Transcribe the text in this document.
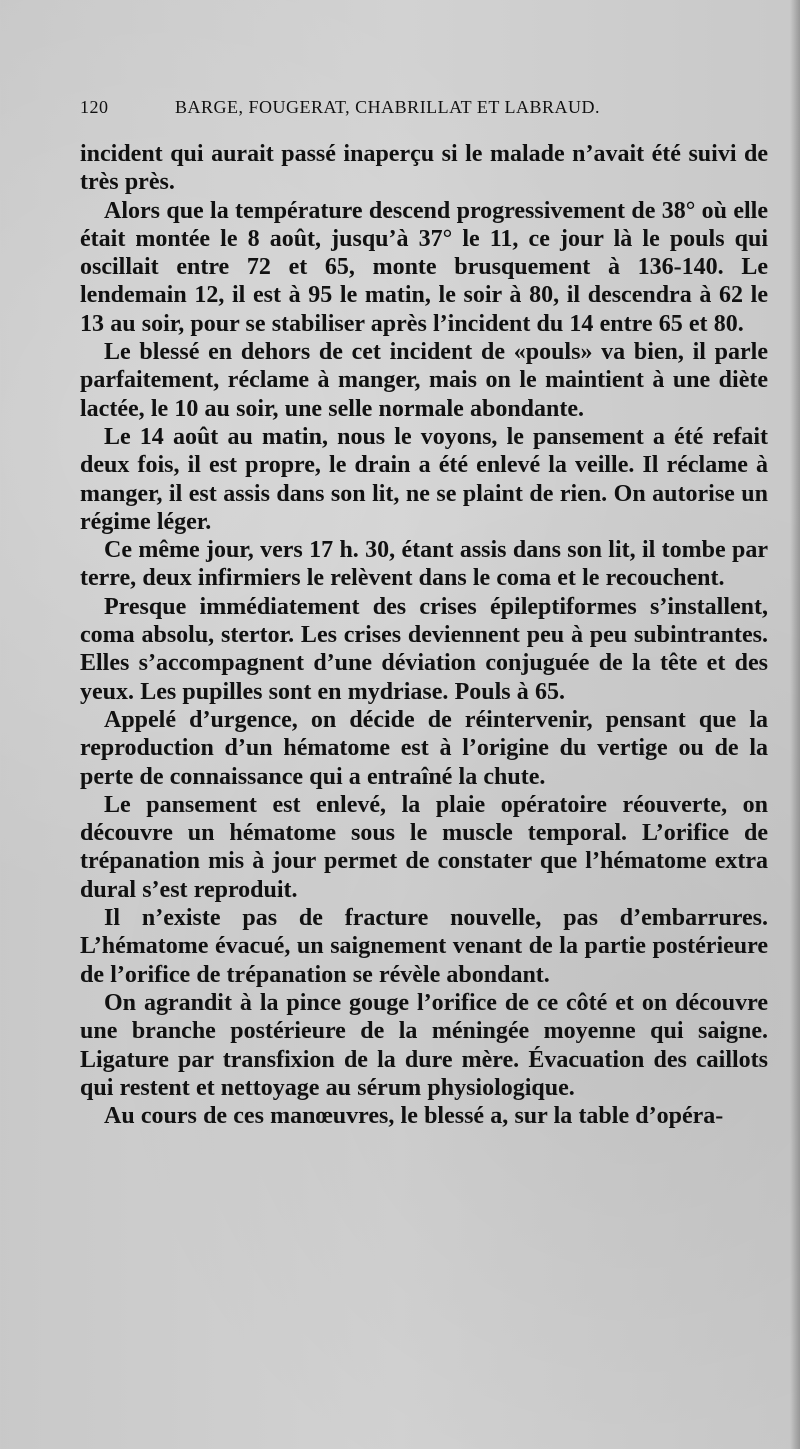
120	BARGE, FOUGERAT, CHABRILLAT ET LABRAUD.

incident qui aurait passé inaperçu si le malade n’avait été suivi de très près.

Alors que la température descend progressivement de 38° où elle était montée le 8 août, jusqu’à 37° le 11, ce jour là le pouls qui oscillait entre 72 et 65, monte brusquement à 136-140. Le lendemain 12, il est à 95 le matin, le soir à 80, il descendra à 62 le 13 au soir, pour se stabiliser après l’incident du 14 entre 65 et 80.

Le blessé en dehors de cet incident de «pouls» va bien, il parle parfaitement, réclame à manger, mais on le maintient à une diète lactée, le 10 au soir, une selle normale abondante.

Le 14 août au matin, nous le voyons, le pansement a été refait deux fois, il est propre, le drain a été enlevé la veille. Il réclame à manger, il est assis dans son lit, ne se plaint de rien. On autorise un régime léger.

Ce même jour, vers 17 h. 30, étant assis dans son lit, il tombe par terre, deux infirmiers le relèvent dans le coma et le recouchent.

Presque immédiatement des crises épileptiformes s’installent, coma absolu, stertor. Les crises deviennent peu à peu subintrantes. Elles s’accompagnent d’une déviation conjuguée de la tête et des yeux. Les pupilles sont en mydriase. Pouls à 65.

Appelé d’urgence, on décide de réintervenir, pensant que la reproduction d’un hématome est à l’origine du vertige ou de la perte de connaissance qui a entraîné la chute.

Le pansement est enlevé, la plaie opératoire réouverte, on découvre un hématome sous le muscle temporal. L’orifice de trépanation mis à jour permet de constater que l’hématome extra dural s’est reproduit.

Il n’existe pas de fracture nouvelle, pas d’embarrures. L’hématome évacué, un saignement venant de la partie postérieure de l’orifice de trépanation se révèle abondant.

On agrandit à la pince gouge l’orifice de ce côté et on découvre une branche postérieure de la méningée moyenne qui saigne. Ligature par transfixion de la dure mère. Évacuation des caillots qui restent et nettoyage au sérum physiologique.

Au cours de ces manœuvres, le blessé a, sur la table d’opéra-
